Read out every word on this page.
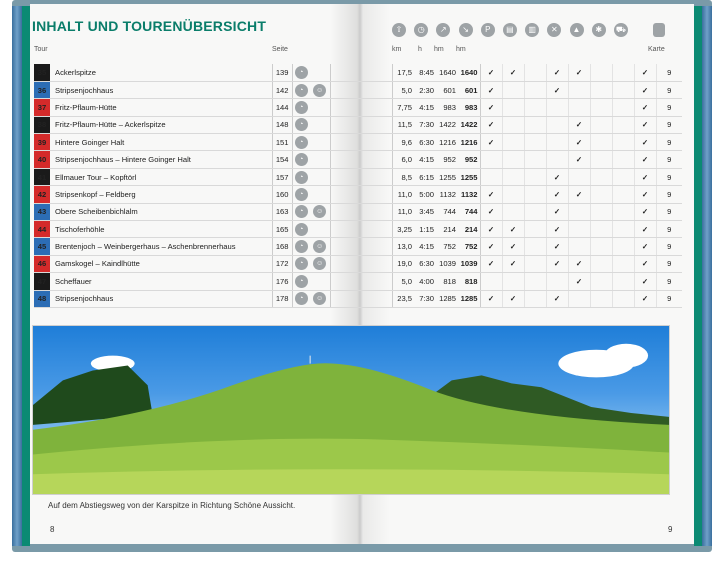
INHALT UND TOURENÜBERSICHT
Tour	Seite	km h hm hm	Karte
⇧	◷	↗	↘	P	▤	▥	✕	▲	✱	⛟
35	Ackerlspitze	139	◔			17,5	8:45	1640	1640	✓	✓		✓	✓			✓	9
36	Stripsenjochhaus	142	◔	☺		5,0	2:30	601	601	✓			✓				✓	9
37	Fritz-Pflaum-Hütte	144	◔			7,75	4:15	983	983	✓							✓	9
38	Fritz-Pflaum-Hütte – Ackerlspitze	148	◔			11,5	7:30	1422	1422	✓				✓			✓	9
39	Hintere Goinger Halt	151	◔			9,6	6:30	1216	1216	✓				✓			✓	9
40	Stripsenjochhaus – Hintere Goinger Halt	154	◔			6,0	4:15	952	952					✓			✓	9
41	Ellmauer Tour – Kopftörl	157	◔			8,5	6:15	1255	1255				✓				✓	9
42	Stripsenkopf – Feldberg	160	◔			11,0	5:00	1132	1132	✓			✓	✓			✓	9
43	Obere Scheibenbichlalm	163	◔	☺		11,0	3:45	744	744	✓			✓				✓	9
44	Tischoferhöhle	165	◔			3,25	1:15	214	214	✓	✓		✓				✓	9
45	Brentenjoch – Weinbergerhaus – Aschenbrennerhaus	168	◔	☺		13,0	4:15	752	752	✓	✓		✓				✓	9
46	Gamskogel – Kaindlhütte	172	◔	☺		19,0	6:30	1039	1039	✓	✓		✓	✓			✓	9
47	Scheffauer	176	◔			5,0	4:00	818	818					✓			✓	9
48	Stripsenjochhaus	178	◔	☺		23,5	7:30	1285	1285	✓	✓		✓				✓	9
Auf dem Abstiegsweg von der Karspitze in Richtung Schöne Aussicht.
8	9
